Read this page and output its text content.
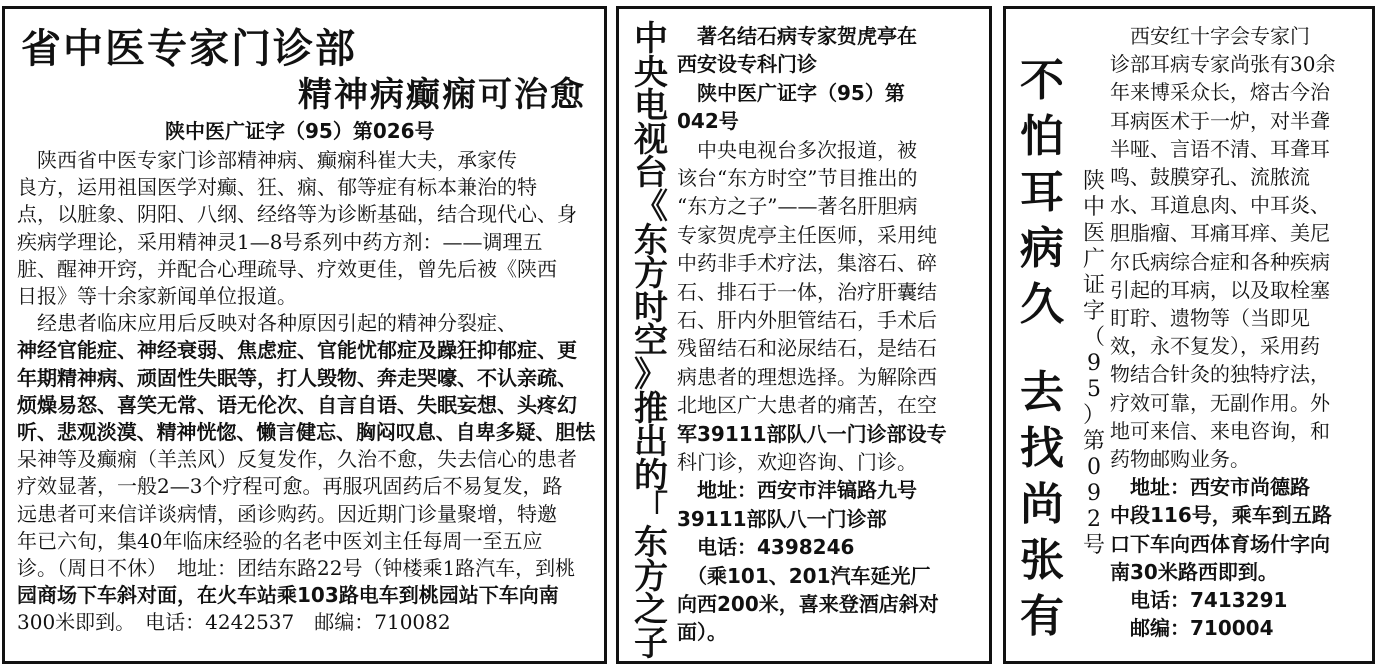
省中医专家门诊部
精神病癫痫可治愈
陕中医广证字（95）第026号
　陕西省中医专家门诊部精神病、癫痫科崔大夫，承家传
良方，运用祖国医学对癫、狂、痫、郁等症有标本兼治的特
点，以脏象、阴阳、八纲、经络等为诊断基础，结合现代心、身
疾病学理论，采用精神灵1—8号系列中药方剂：——调理五
脏、醒神开窍，并配合心理疏导、疗效更佳，曾先后被《陕西
日报》等十余家新闻单位报道。
　经患者临床应用后反映对各种原因引起的精神分裂症、
神经官能症、神经衰弱、焦虑症、官能忧郁症及躁狂抑郁症、更
年期精神病、顽固性失眠等，打人毁物、奔走哭嚎、不认亲疏、
烦燥易怒、喜笑无常、语无伦次、自言自语、失眠妄想、头疼幻
听、悲观淡漠、精神恍惚、懒言健忘、胸闷叹息、自卑多疑、胆怯
呆神等及癫痫（羊羔风）反复发作，久治不愈，失去信心的患者
疗效显著，一般2—3个疗程可愈。再服巩固药后不易复发，路
远患者可来信详谈病情，函诊购药。因近期门诊量聚增，特邀
年已六旬，集40年临床经验的名老中医刘主任每周一至五应
诊。（周日不休）　地址：团结东路22号（钟楼乘1路汽车，到桃
园商场下车斜对面，在火车站乘103路电车到桃园站下车向南
300米即到。　电话：4242537　邮编：710082
中
央
电
视
台
《
东
方
时
空
》
推
出
的
「
东
方
之
子
　著名结石病专家贺虎亭在
西安设专科门诊
　陕中医广证字（95）第
042号
　中央电视台多次报道，被
该台“东方时空”节目推出的
“东方之子”——著名肝胆病
专家贺虎亭主任医师，采用纯
中药非手术疗法，集溶石、碎
石、排石于一体，治疗肝囊结
石、肝内外胆管结石，手术后
残留结石和泌尿结石，是结石
病患者的理想选择。为解除西
北地区广大患者的痛苦，在空
军39111部队八一门诊部设专
科门诊，欢迎咨询、门诊。
　地址：西安市沣镐路九号
39111部队八一门诊部
　电话：4398246
　（乘101、201汽车延光厂
向西200米，喜来登酒店斜对
面）。
不
怕
耳
病
久
去
找
尚
张
有
陕
中
医
广
证
字
（
9
5
）
第
0
9
2
号
　西安红十字会专家门
诊部耳病专家尚张有30余
年来博采众长，熔古今治
耳病医术于一炉，对半聋
半哑、言语不清、耳聋耳
鸣、鼓膜穿孔、流脓流
水、耳道息肉、中耳炎、
胆脂瘤、耳痛耳痒、美尼
尔氏病综合症和各种疾病
引起的耳病，以及取栓塞
盯聍、遗物等（当即见
效，永不复发），采用药
物结合针灸的独特疗法，
疗效可靠，无副作用。外
地可来信、来电咨询，和
药物邮购业务。
　地址：西安市尚德路
中段116号，乘车到五路
口下车向西体育场什字向
南30米路西即到。
　电话：7413291
　邮编：710004
